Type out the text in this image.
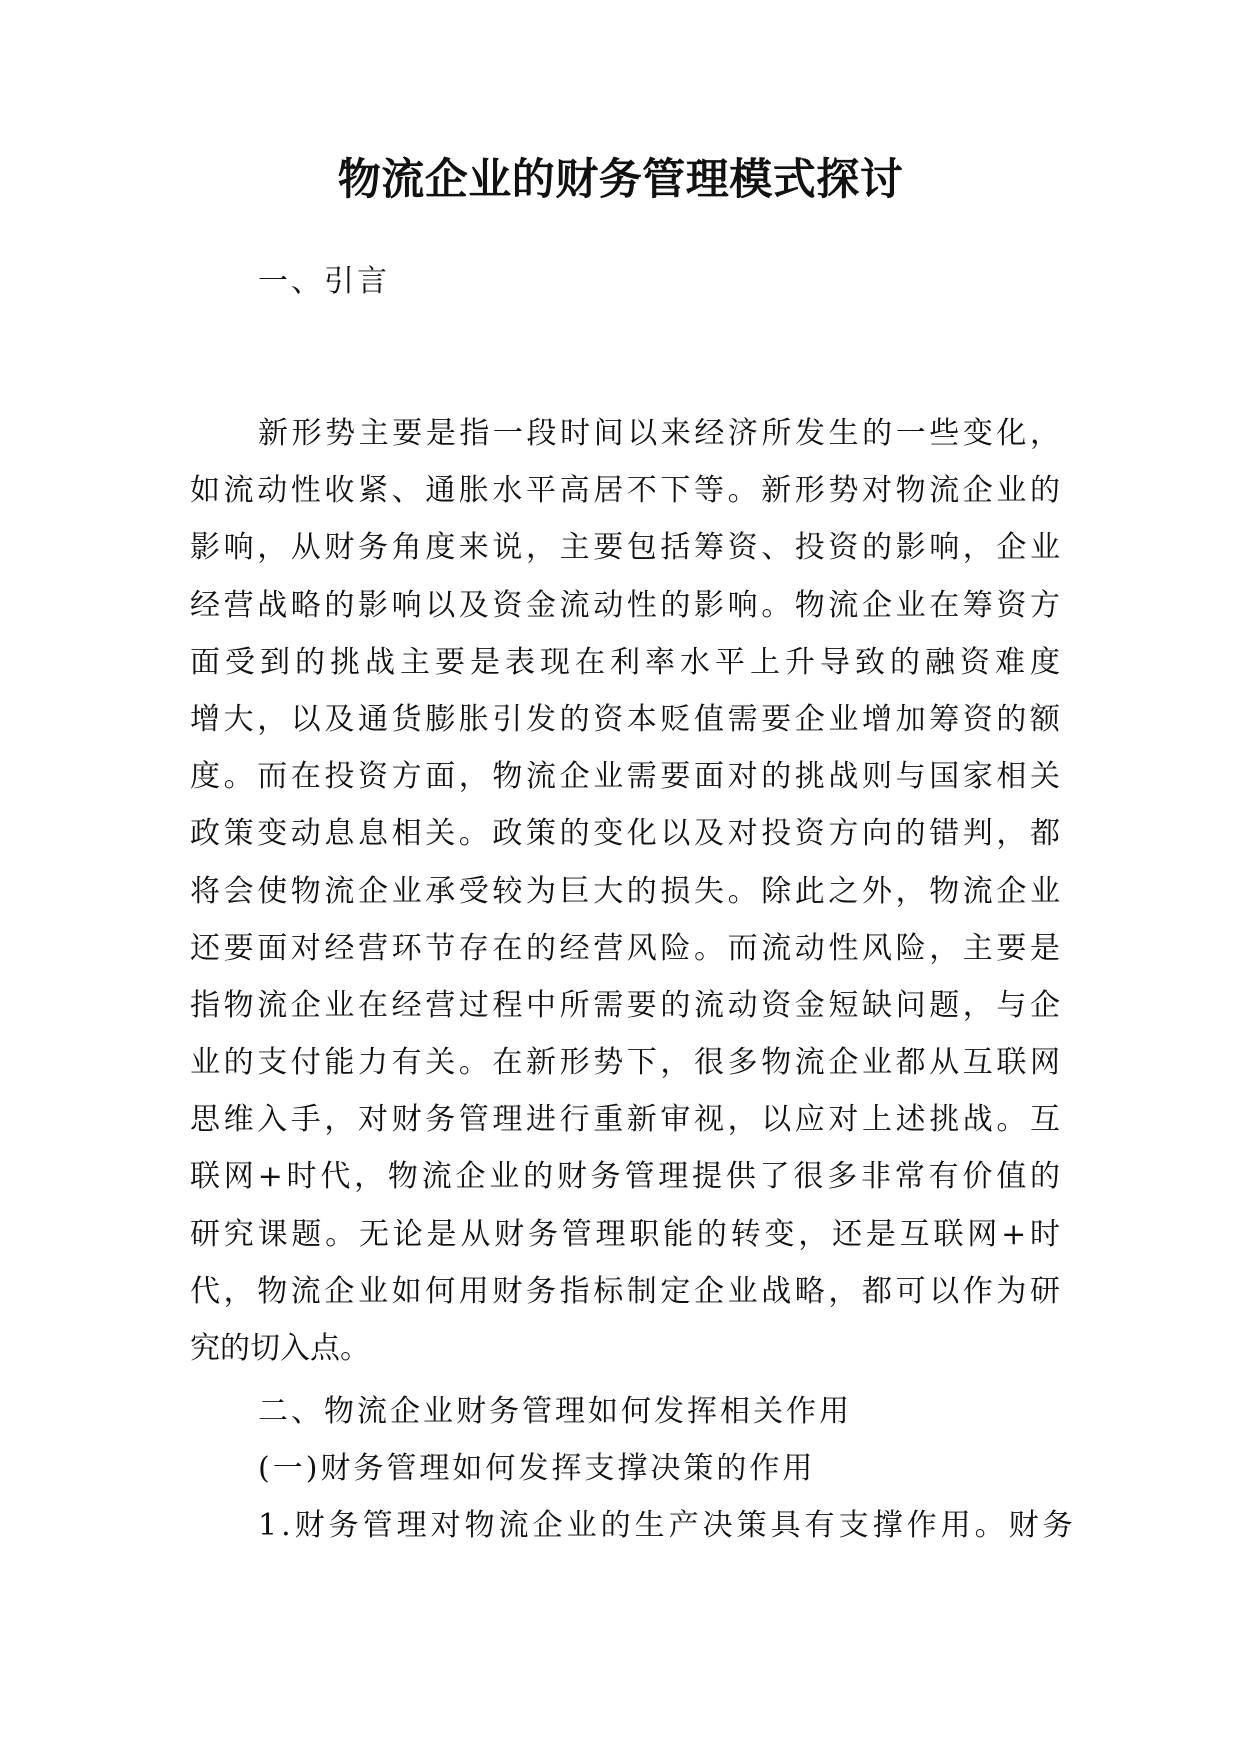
物流企业的财务管理模式探讨

一、引言

新形势主要是指一段时间以来经济所发生的一些变化，
如流动性收紧、通胀水平高居不下等。新形势对物流企业的
影响，从财务角度来说，主要包括筹资、投资的影响，企业
经营战略的影响以及资金流动性的影响。物流企业在筹资方
面受到的挑战主要是表现在利率水平上升导致的融资难度
增大，以及通货膨胀引发的资本贬值需要企业增加筹资的额
度。而在投资方面，物流企业需要面对的挑战则与国家相关
政策变动息息相关。政策的变化以及对投资方向的错判，都
将会使物流企业承受较为巨大的损失。除此之外，物流企业
还要面对经营环节存在的经营风险。而流动性风险，主要是
指物流企业在经营过程中所需要的流动资金短缺问题，与企
业的支付能力有关。在新形势下，很多物流企业都从互联网
思维入手，对财务管理进行重新审视，以应对上述挑战。互
联网+时代，物流企业的财务管理提供了很多非常有价值的
研究课题。无论是从财务管理职能的转变，还是互联网+时
代，物流企业如何用财务指标制定企业战略，都可以作为研
究的切入点。

二、物流企业财务管理如何发挥相关作用

(一)财务管理如何发挥支撑决策的作用

1.财务管理对物流企业的生产决策具有支撑作用。财务
